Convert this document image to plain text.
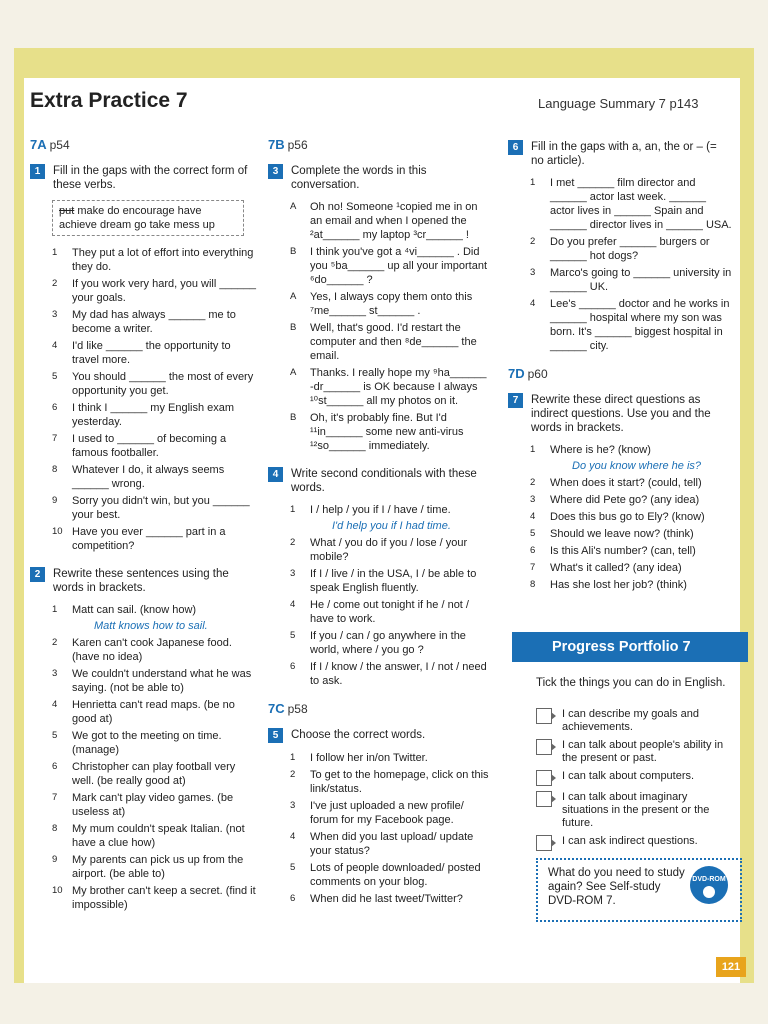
Extra Practice 7	Language Summary 7 p143
7A p54
1	Fill in the gaps with the correct form of these verbs.
put make do encourage have achieve dream go take mess up
1	They put a lot of effort into everything they do.
2	If you work very hard, you will ______ your goals.
3	My dad has always ______ me to become a writer.
4	I'd like ______ the opportunity to travel more.
5	You should ______ the most of every opportunity you get.
6	I think I ______ my English exam yesterday.
7	I used to ______ of becoming a famous footballer.
8	Whatever I do, it always seems ______ wrong.
9	Sorry you didn't win, but you ______ your best.
10 Have you ever ______ part in a competition?
2	Rewrite these sentences using the words in brackets.
1	Matt can sail. (know how)
Matt knows how to sail.
2	Karen can't cook Japanese food. (have no idea)
3	We couldn't understand what he was saying. (not be able to)
4	Henrietta can't read maps. (be no good at)
5	We got to the meeting on time. (manage)
6	Christopher can play football very well. (be really good at)
7	Mark can't play video games. (be useless at)
8	My mum couldn't speak Italian. (not have a clue how)
9	My parents can pick us up from the airport. (be able to)
10 My brother can't keep a secret. (find it impossible)
7B p56
3	Complete the words in this conversation.
A	Oh no! Someone ¹copied me in on an email and when I opened the ²at______ my laptop ³cr______ !
B	I think you've got a ⁴vi______ . Did you ⁵ba______ up all your important ⁶do______ ?
A	Yes, I always copy them onto this ⁷me______ st______ .
B	Well, that's good. I'd restart the computer and then ⁸de______ the email.
A	Thanks. I really hope my ⁹ha______ -dr______ is OK because I always ¹⁰st______ all my photos on it.
B	Oh, it's probably fine. But I'd ¹¹in______ some new anti-virus ¹²so______ immediately.
4	Write second conditionals with these words.
1	I / help / you if I / have / time.
I'd help you if I had time.
2	What / you do if you / lose / your mobile?
3	If I / live / in the USA, I / be able to speak English fluently.
4	He / come out tonight if he / not / have to work.
5	If you / can / go anywhere in the world, where / you go ?
6	If I / know / the answer, I / not / need to ask.
7C p58
5	Choose the correct words.
1	I follow her in/on Twitter.
2	To get to the homepage, click on this link/status.
3	I've just uploaded a new profile/ forum for my Facebook page.
4	When did you last upload/ update your status?
5	Lots of people downloaded/ posted comments on your blog.
6	When did he last tweet/Twitter?
6	Fill in the gaps with a, an, the or – (= no article).
1	I met ______ film director and ______ actor last week. ______ actor lives in ______ Spain and ______ director lives in ______ USA.
2	Do you prefer ______ burgers or ______ hot dogs?
3	Marco's going to ______ university in ______ UK.
4	Lee's ______ doctor and he works in ______ hospital where my son was born. It's ______ biggest hospital in ______ city.
7D p60
7	Rewrite these direct questions as indirect questions. Use you and the words in brackets.
1	Where is he? (know)
Do you know where he is?
2	When does it start? (could, tell)
3	Where did Pete go? (any idea)
4	Does this bus go to Ely? (know)
5	Should we leave now? (think)
6	Is this Ali's number? (can, tell)
7	What's it called? (any idea)
8	Has she lost her job? (think)
Progress Portfolio 7
Tick the things you can do in English.
I can describe my goals and achievements.
I can talk about people's ability in the present or past.
I can talk about computers.
I can talk about imaginary situations in the present or the future.
I can ask indirect questions.
What do you need to study again? See Self-study DVD-ROM 7.
DVD-ROM
121
